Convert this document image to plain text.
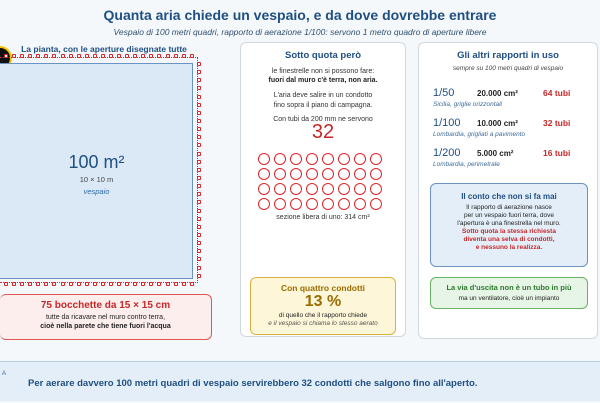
Quanta aria chiede un vespaio, e da dove dovrebbe entrare
Vespaio di 100 metri quadri, rapporto di aerazione 1/100: servono 1 metro quadro di aperture libere
La pianta, con le aperture disegnate tutte
100 m²
10 × 10 m
vespaio
75 bocchette da 15 × 15 cm
tutte da ricavare nel muro contro terra,
cioè nella parete che tiene fuori l'acqua
Sotto quota però
le finestrelle non si possono fare:
fuori dal muro c'è terra, non aria.
L'aria deve salire in un condotto
fino sopra il piano di campagna.
Con tubi da 200 mm ne servono
32
sezione libera di uno: 314 cm²
Con quattro condotti
13 %
di quello che il rapporto chiede
e il vespaio si chiama lo stesso aerato
Gli altri rapporti in uso
sempre su 100 metri quadri di vespaio
1/50	20.000 cm²	64 tubi
Sicilia, griglie orizzontali
1/100	10.000 cm²	32 tubi
Lombardia, grigliati a pavimento
1/200	5.000 cm²	16 tubi
Lombardia, perimetrale
Il conto che non si fa mai
Il rapporto di aerazione nasce
per un vespaio fuori terra, dove
l'apertura è una finestrella nel muro.
Sotto quota la stessa richiesta
diventa una selva di condotti,
e nessuno la realizza.
La via d'uscita non è un tubo in più
ma un ventilatore, cioè un impianto
A
Per aerare davvero 100 metri quadri di vespaio servirebbero 32 condotti che salgono fino all'aperto.
